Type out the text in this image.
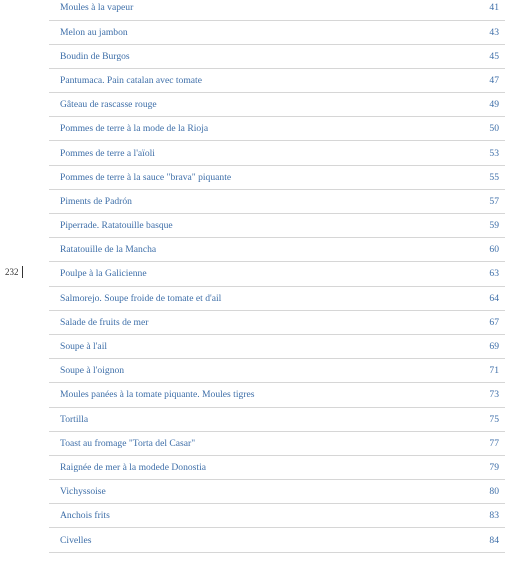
232
Moules à la vapeur	41
Melon au jambon	43
Boudin de Burgos	45
Pantumaca. Pain catalan avec tomate	47
Gâteau de rascasse rouge	49
Pommes de terre à la mode de la Rioja	50
Pommes de terre a l'aïoli	53
Pommes de terre à la sauce "brava" piquante	55
Piments de Padrón	57
Piperrade. Ratatouille basque	59
Ratatouille de la Mancha	60
Poulpe à la Galicienne	63
Salmorejo. Soupe froide de tomate et d'ail	64
Salade de fruits de mer	67
Soupe à l'ail	69
Soupe à l'oignon	71
Moules panées à la tomate piquante. Moules tigres	73
Tortilla	75
Toast au fromage "Torta del Casar"	77
Raignée de mer à la modede Donostia	79
Vichyssoise	80
Anchois frits	83
Civelles	84
